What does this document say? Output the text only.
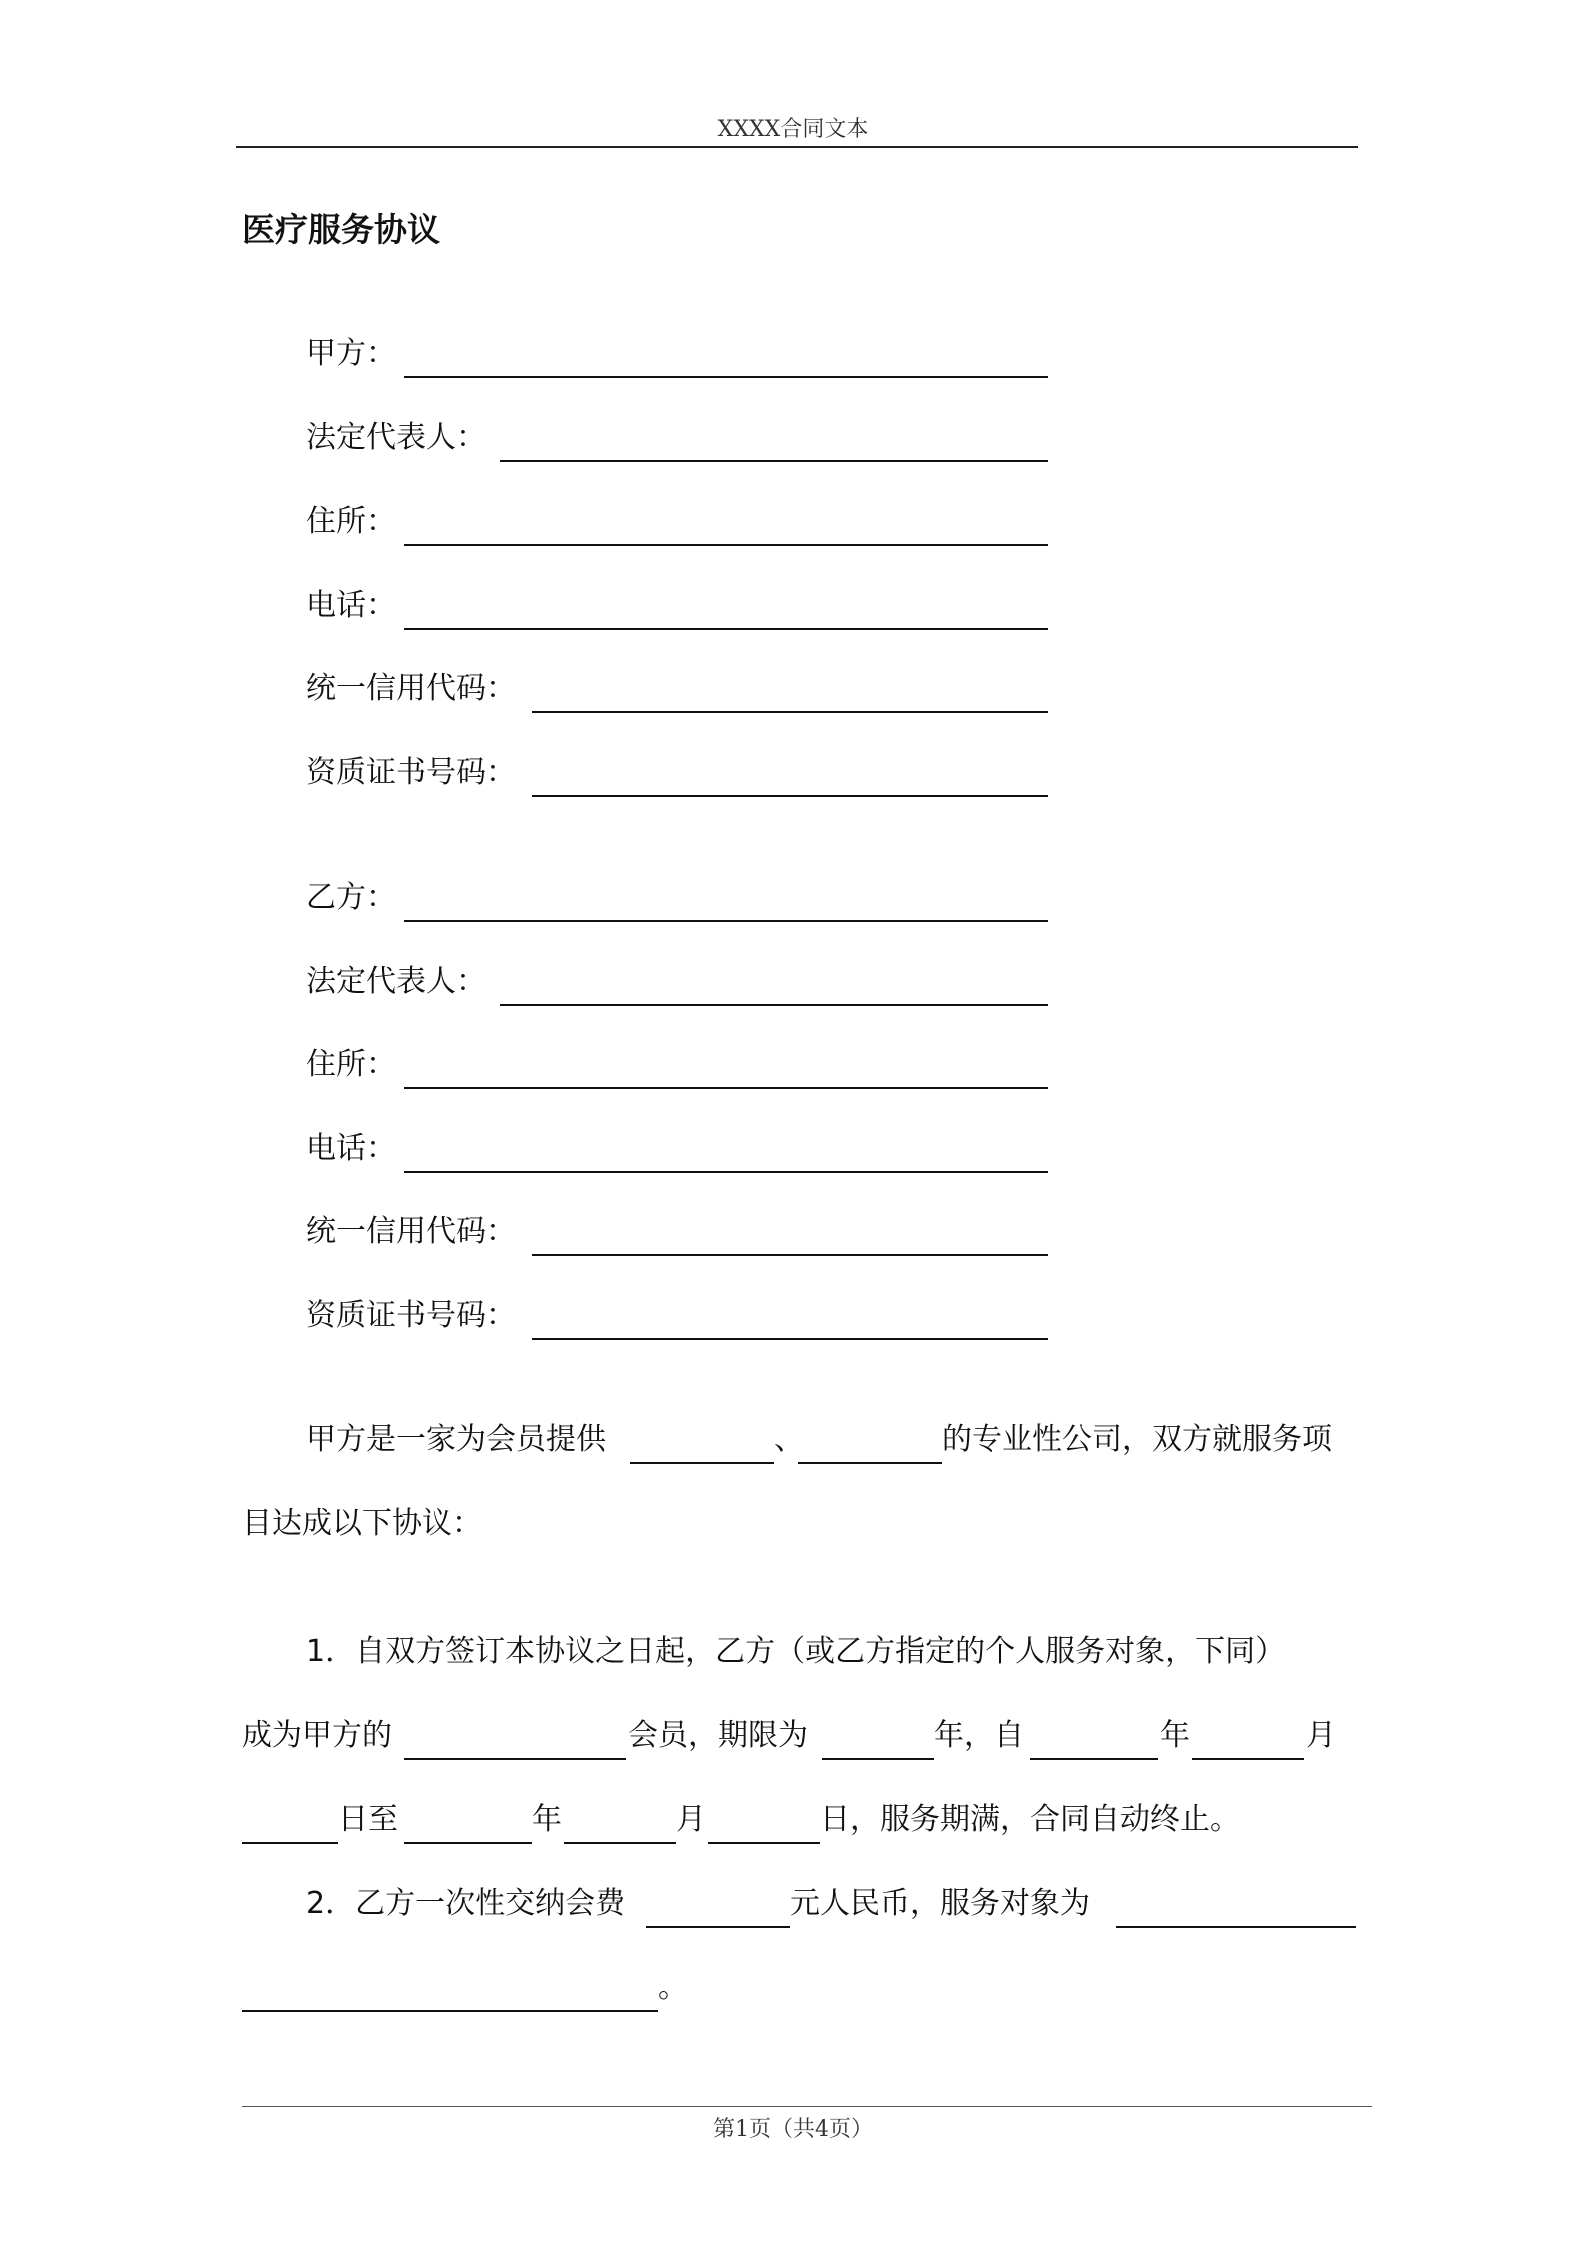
XXXX合同文本
医疗服务协议
甲方：
法定代表人：
住所：
电话：
统一信用代码：
资质证书号码：
乙方：
法定代表人：
住所：
电话：
统一信用代码：
资质证书号码：
甲方是一家为会员提供	、	的专业性公司，双方就服务项
目达成以下协议：
1．自双方签订本协议之日起，乙方（或乙方指定的个人服务对象，下同）
成为甲方的	会员，期限为	年，自	年	月
日至	年	月	日，服务期满，合同自动终止。
2．乙方一次性交纳会费	元人民币，服务对象为
。
第1页（共4页）
